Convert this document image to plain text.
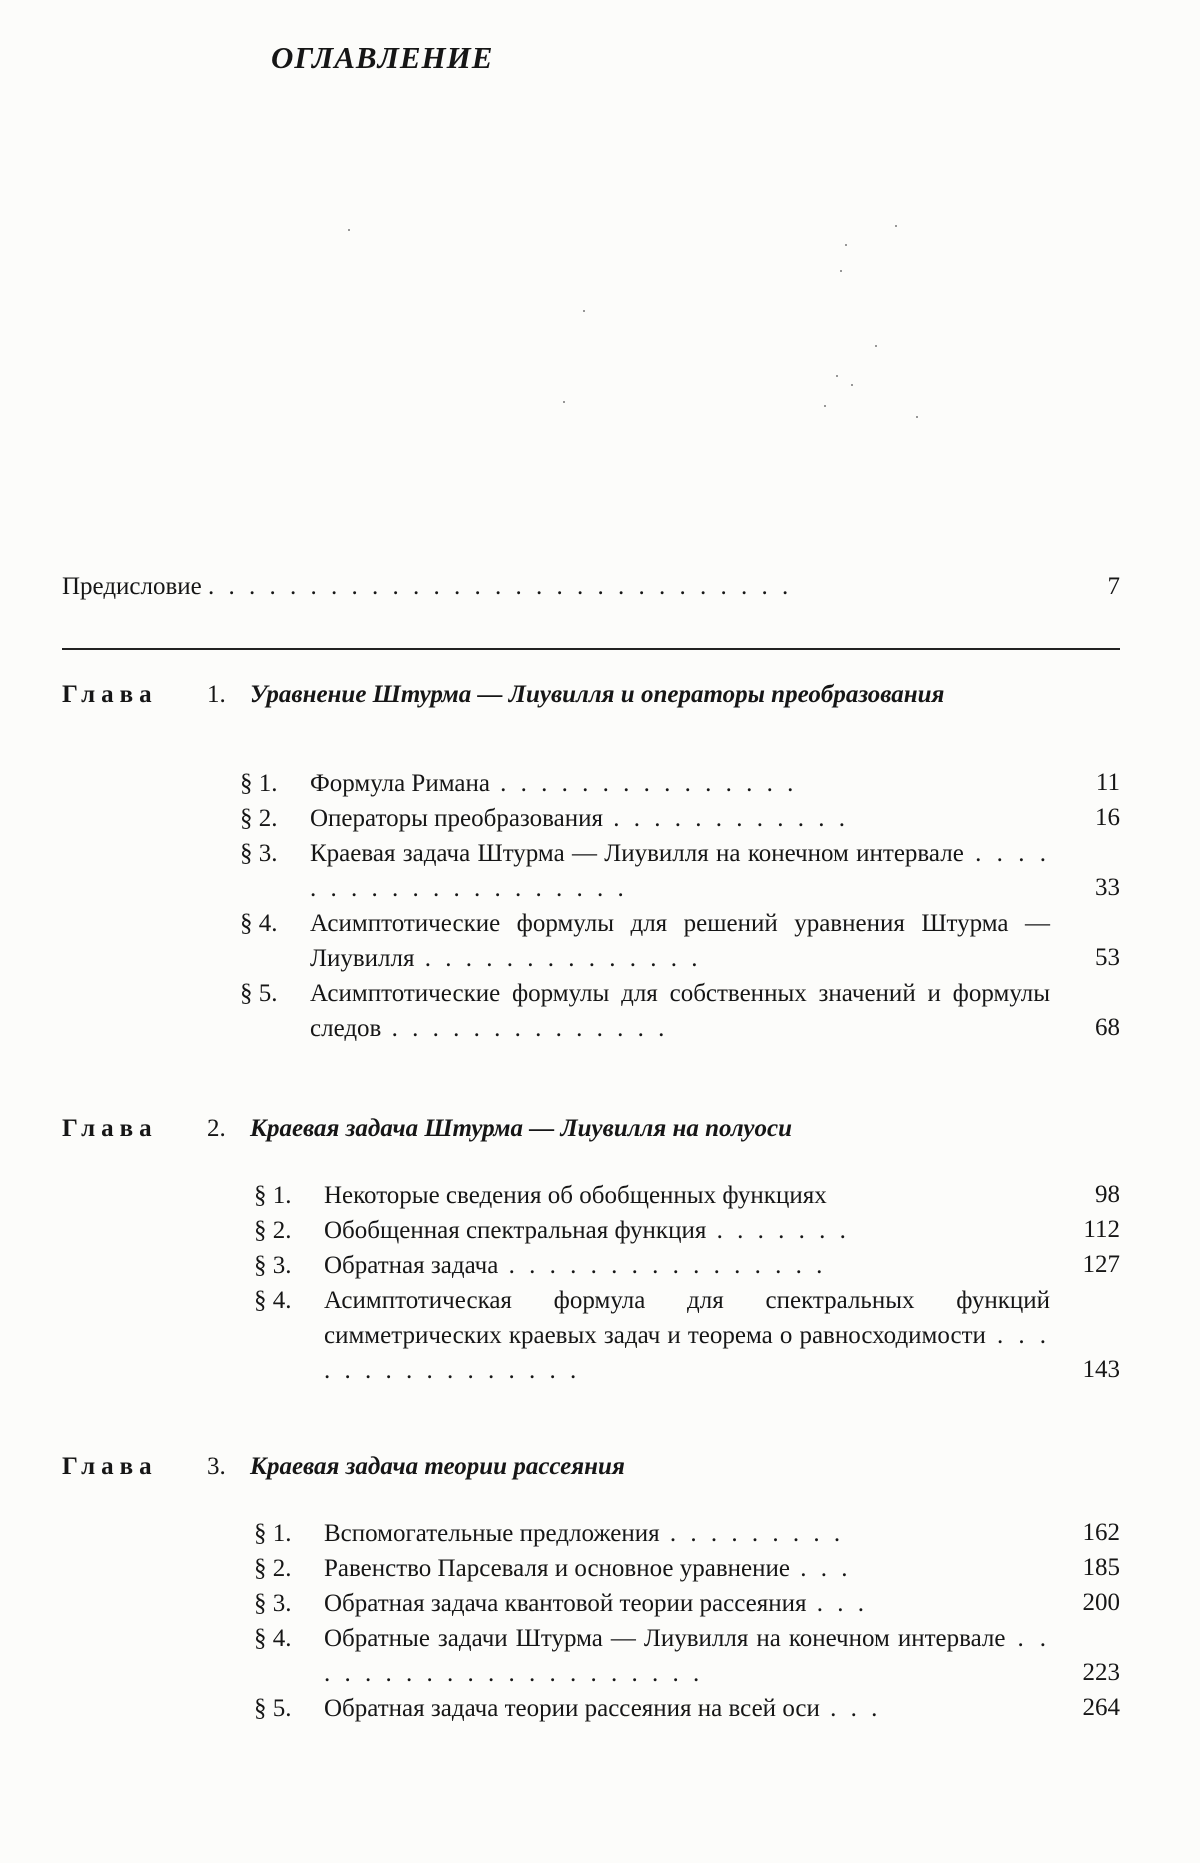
ОГЛАВЛЕНИЕ
Предисловие . . . . . . . . . . . . . . . . . . . . . . . . . . . . .	7
Глава 1. Уравнение Штурма — Лиувилля и операторы преобразования
§ 1. Формула Римана . . . . . . . . . . . . . . .	11
§ 2. Операторы преобразования . . . . . . . . . . . .	16
§ 3. Краевая задача Штурма — Лиувилля на конечном интервале . . . . . . . . . . . . . . . . . . . .	33
§ 4. Асимптотические формулы для решений уравнения Штурма — Лиувилля . . . . . . . . . . . . . .	53
§ 5. Асимптотические формулы для собственных значений и формулы следов . . . . . . . . . . . . . .	68
Глава 2. Краевая задача Штурма — Лиувилля на полуоси
§ 1. Некоторые сведения об обобщенных функциях	98
§ 2. Обобщенная спектральная функция . . . . . . .	112
§ 3. Обратная задача . . . . . . . . . . . . . . . .	127
§ 4. Асимптотическая формула для спектральных функций симметрических краевых задач и теорема о равносходимости . . . . . . . . . . . . . . . .	143
Глава 3. Краевая задача теории рассеяния
§ 1. Вспомогательные предложения . . . . . . . . .	162
§ 2. Равенство Парсеваля и основное уравнение . . .	185
§ 3. Обратная задача квантовой теории рассеяния . . .	200
§ 4. Обратные задачи Штурма — Лиувилля на конечном интервале . . . . . . . . . . . . . . . . . . . . .	223
§ 5. Обратная задача теории рассеяния на всей оси . . .	264
